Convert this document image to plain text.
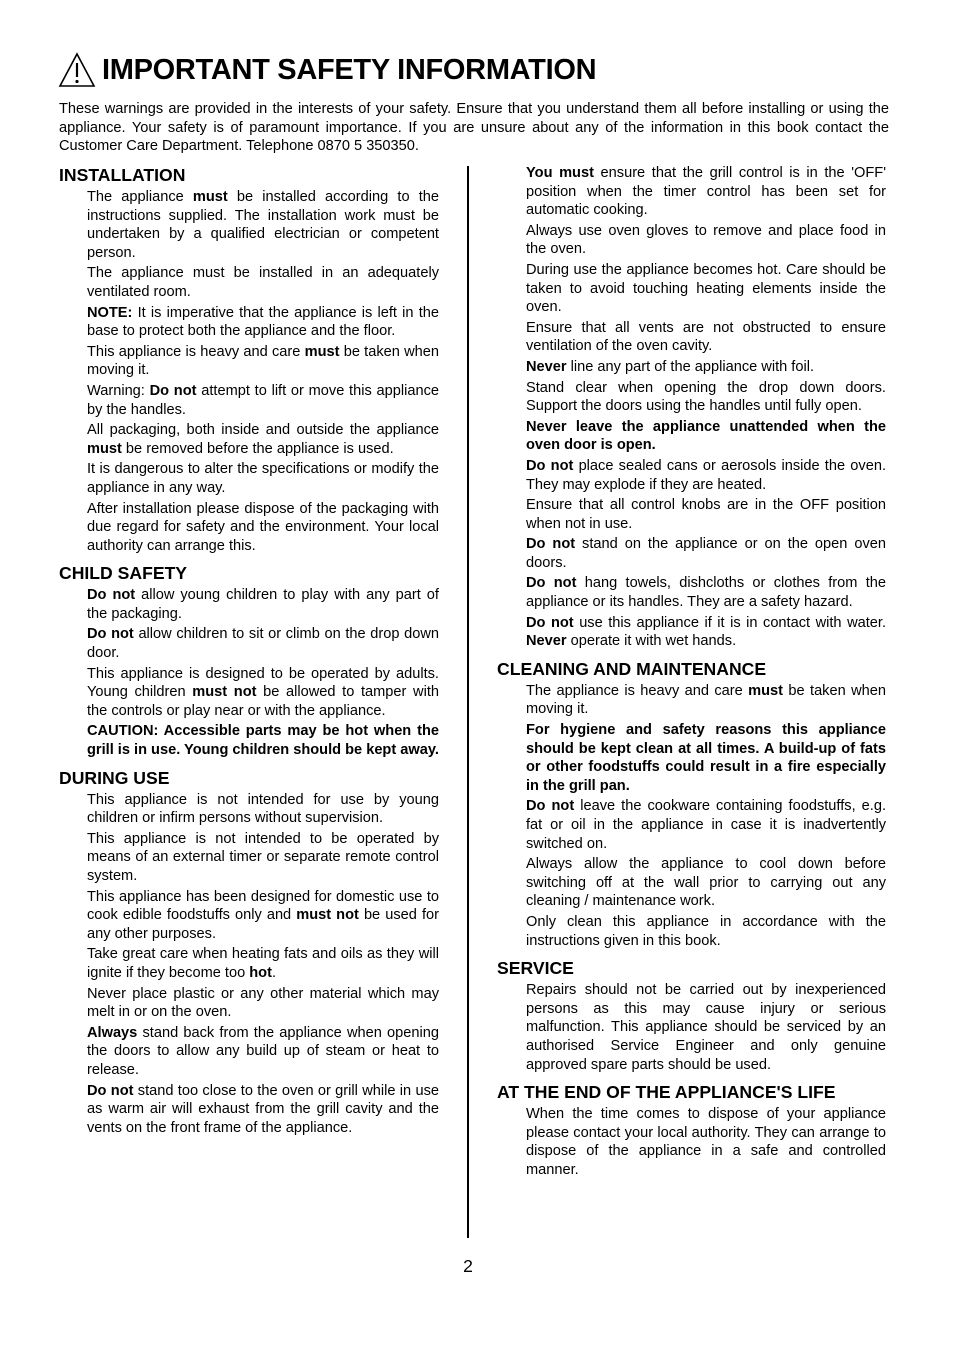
IMPORTANT SAFETY INFORMATION
These warnings are provided in the interests of your safety. Ensure that you understand them all before installing or using the appliance. Your safety is of paramount importance. If you are unsure about any of the information in this book contact the Customer Care Department. Telephone 0870 5 350350.
INSTALLATION
The appliance must be installed according to the instructions supplied. The installation work must be undertaken by a qualified electrician or competent person.
The appliance must be installed in an adequately ventilated room.
NOTE: It is imperative that the appliance is left in the base to protect both the appliance and the floor.
This appliance is heavy and care must be taken when moving it.
Warning: Do not attempt to lift or move this appliance by the handles.
All packaging, both inside and outside the appliance must be removed before the appliance is used.
It is dangerous to alter the specifications or modify the appliance in any way.
After installation please dispose of the packaging with due regard for safety and the environment. Your local authority can arrange this.
CHILD SAFETY
Do not allow young children to play with any part of the packaging.
Do not allow children to sit or climb on the drop down door.
This appliance is designed to be operated by adults. Young children must not be allowed to tamper with the controls or play near or with the appliance.
CAUTION: Accessible parts may be hot when the grill is in use. Young children should be kept away.
DURING USE
This appliance is not intended for use by young children or infirm persons without supervision.
This appliance is not intended to be operated by means of an external timer or separate remote control system.
This appliance has been designed for domestic use to cook edible foodstuffs only and must not be used for any other purposes.
Take great care when heating fats and oils as they will ignite if they become too hot.
Never place plastic or any other material which may melt in or on the oven.
Always stand back from the appliance when opening the doors to allow any build up of steam or heat to release.
Do not stand too close to the oven or grill while in use as warm air will exhaust from the grill cavity and the vents on the front frame of the appliance.
You must ensure that the grill control is in the 'OFF' position when the timer control has been set for automatic cooking.
Always use oven gloves to remove and place food in the oven.
During use the appliance becomes hot. Care should be taken to avoid touching heating elements inside the oven.
Ensure that all vents are not obstructed to ensure ventilation of the oven cavity.
Never line any part of the appliance with foil.
Stand clear when opening the drop down doors. Support the doors using the handles until fully open.
Never leave the appliance unattended when the oven door is open.
Do not place sealed cans or aerosols inside the oven. They may explode if they are heated.
Ensure that all control knobs are in the OFF position when not in use.
Do not stand on the appliance or on the open oven doors.
Do not hang towels, dishcloths or clothes from the appliance or its handles. They are a safety hazard.
Do not use this appliance if it is in contact with water. Never operate it with wet hands.
CLEANING AND MAINTENANCE
The appliance is heavy and care must be taken when moving it.
For hygiene and safety reasons this appliance should be kept clean at all times. A build-up of fats or other foodstuffs could result in a fire especially in the grill pan.
Do not leave the cookware containing foodstuffs, e.g. fat or oil in the appliance in case it is inadvertently switched on.
Always allow the appliance to cool down before switching off at the wall prior to carrying out any cleaning / maintenance work.
Only clean this appliance in accordance with the instructions given in this book.
SERVICE
Repairs should not be carried out by inexperienced persons as this may cause injury or serious malfunction. This appliance should be serviced by an authorised Service Engineer and only genuine approved spare parts should be used.
AT THE END OF THE APPLIANCE'S LIFE
When the time comes to dispose of your appliance please contact your local authority. They can arrange to dispose of the appliance in a safe and controlled manner.
2
